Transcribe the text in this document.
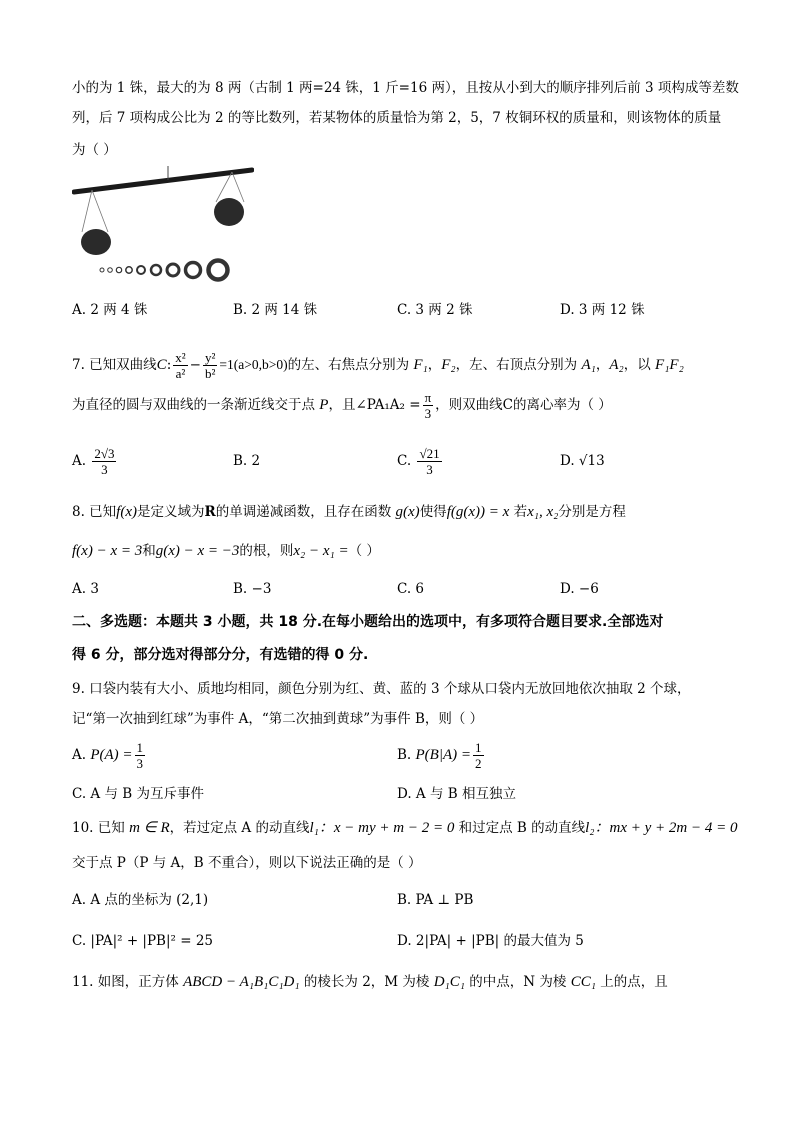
小的为 1 铢，最大的为 8 两（古制 1 两=24 铢，1 斤=16 两），且按从小到大的顺序排列后前 3 项构成等差数
列，后 7 项构成公比为 2 的等比数列，若某物体的质量恰为第 2，5，7 枚铜环权的质量和，则该物体的质量
为（ ）
A. 2 两 4 铢	B. 2 两 14 铢	C. 3 两 2 铢	D. 3 两 12 铢
7. 已知双曲线C: $\frac{\text{x²}}{\text{a²}} - \frac{\text{y²}}{\text{b²}} =1(a>0,b>0)$的左、右焦点分别为 F₁，F₂，左、右顶点分别为 A₁，A₂，以 F₁F₂
为直径的圆与双曲线的一条渐近线交于点 P，且∠PA₁A₂ = $\frac{\pi}{3}$ ，则双曲线C的离心率为（ ）
A. $\frac{2√3}{3}$	B. 2	C. $\frac{√21}{3}$	D. √13
8. 已知f(x)是定义域为R的单调递减函数，且存在函数 g(x)使得f(g(x)) = x 若x₁, x₂分别是方程
f(x) − x = 3和g(x) − x = −3的根，则x₂ − x₁ =（ ）
A. 3	B. −3	C. 6	D. −6
二、多选题：本题共 3 小题，共 18 分.在每小题给出的选项中，有多项符合题目要求.全部选对
得 6 分，部分选对得部分分，有选错的得 0 分.
9. 口袋内装有大小、质地均相同，颜色分别为红、黄、蓝的 3 个球从口袋内无放回地依次抽取 2 个球，
记“第一次抽到红球”为事件 A，“第二次抽到黄球”为事件 B，则（ ）
A. $P(A) = \frac{1}{3}$	B. $P(B|A) = \frac{1}{2}$
C. A 与 B 为互斥事件	D. A 与 B 相互独立
10. 已知 m ∈ R，若过定点 A 的动直线l₁：x − my + m − 2 = 0 和过定点 B 的动直线l₂：mx + y + 2m − 4 = 0
交于点 P（P 与 A，B 不重合），则以下说法正确的是（ ）
A. A 点的坐标为 (2,1)	B. PA ⊥ PB
C. |PA|² + |PB|² = 25	D. 2|PA| + |PB| 的最大值为 5
11. 如图，正方体 ABCD − A₁B₁C₁D₁ 的棱长为 2，M 为棱 D₁C₁ 的中点，N 为棱 CC₁ 上的点，且
